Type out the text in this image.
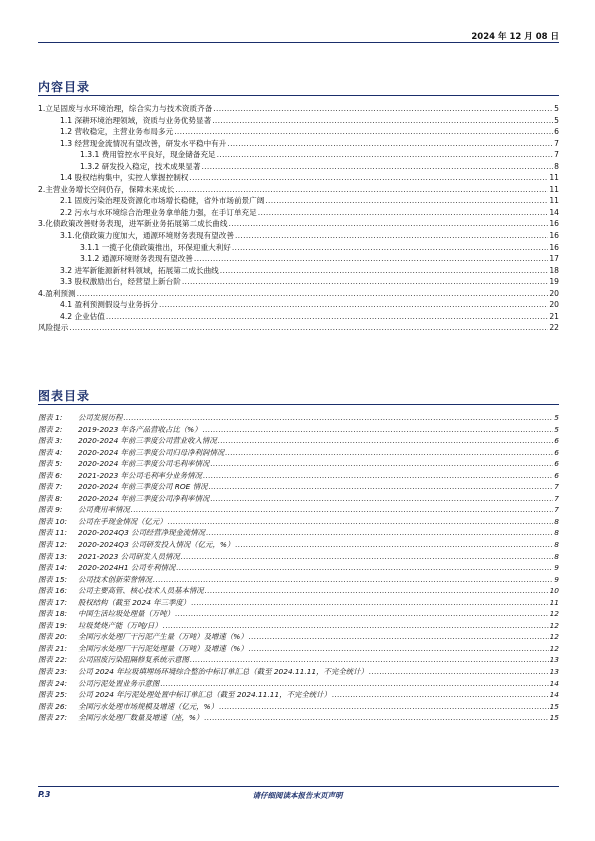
2024 年 12 月 08 日
内容目录
1.立足固废与水环境治理，综合实力与技术资质齐备 .....	5
1.1 深耕环境治理领域，资质与业务优势显著 .....	5
1.2 营收稳定，主营业务布局多元 .....	6
1.3 经营现金流情况有望改善，研发水平稳中有升 .....	7
1.3.1 费用管控水平良好，现金储备充足 .....	7
1.3.2 研发投入稳定，技术成果显著 .....	8
1.4 股权结构集中，实控人掌握控制权 .....	11
2.主营业务增长空间仍存，保障未来成长 .....	11
2.1 固废污染治理及资源化市场增长稳健，省外市场前景广阔 .....	11
2.2 污水与水环境综合治理业务拿单能力强，在手订单充足 .....	14
3.化债政策改善财务表现，进军新业务拓展第二成长曲线 .....	16
3.1.化债政策力度加大，通源环境财务表现有望改善 .....	16
3.1.1 一揽子化债政策推出，环保迎重大利好 .....	16
3.1.2 通源环境财务表现有望改善 .....	17
3.2 进军新能源新材料领域，拓展第二成长曲线 .....	18
3.3 股权激励出台，经营望上新台阶 .....	19
4.盈利预测 .....	20
4.1 盈利预测假设与业务拆分 .....	20
4.2 企业估值 .....	21
风险提示 .....	22
图表目录
图表 1:	公司发展历程 .....	5
图表 2:	2019-2023 年各产品营收占比（%） .....	5
图表 3:	2020-2024 年前三季度公司营业收入情况 .....	6
图表 4:	2020-2024 年前三季度公司归母净利润情况 .....	6
图表 5:	2020-2024 年前三季度公司毛利率情况 .....	6
图表 6:	2021-2023 年公司毛利率分业务情况 .....	6
图表 7:	2020-2024 年前三季度公司 ROE 情况 .....	7
图表 8:	2020-2024 年前三季度公司净利率情况 .....	7
图表 9:	公司费用率情况 .....	7
图表 10:	公司在手现金情况（亿元） .....	8
图表 11:	2020-2024Q3 公司经营净现金流情况 .....	8
图表 12:	2020-2024Q3 公司研发投入情况（亿元，%） .....	8
图表 13:	2021-2023 公司研发人员情况 .....	8
图表 14:	2020-2024H1 公司专利情况 .....	9
图表 15:	公司技术创新荣誉情况 .....	9
图表 16:	公司主要高管、核心技术人员基本情况 .....	10
图表 17:	股权结构（截至 2024 年三季度） .....	11
图表 18:	中国生活垃圾处理量（万吨） .....	12
图表 19:	垃圾焚烧产能（万吨/日） .....	12
图表 20:	全国污水处理厂干污泥产生量（万吨）及增速（%） .....	12
图表 21:	全国污水处理厂干污泥处理量（万吨）及增速（%） .....	12
图表 22:	公司固废污染阻隔修复系统示意图 .....	13
图表 23:	公司 2024 年垃圾填埋场环境综合整治中标订单汇总（截至 2024.11.11，不完全统计） .....	13
图表 24:	公司污泥处置业务示意图 .....	14
图表 25:	公司 2024 年污泥处理处置中标订单汇总（截至 2024.11.11，不完全统计） .....	14
图表 26:	全国污水处理市场规模及增速（亿元，%） .....	15
图表 27:	全国污水处理厂数量及增速（座，%） .....	15
P.3	请仔细阅读本报告末页声明
